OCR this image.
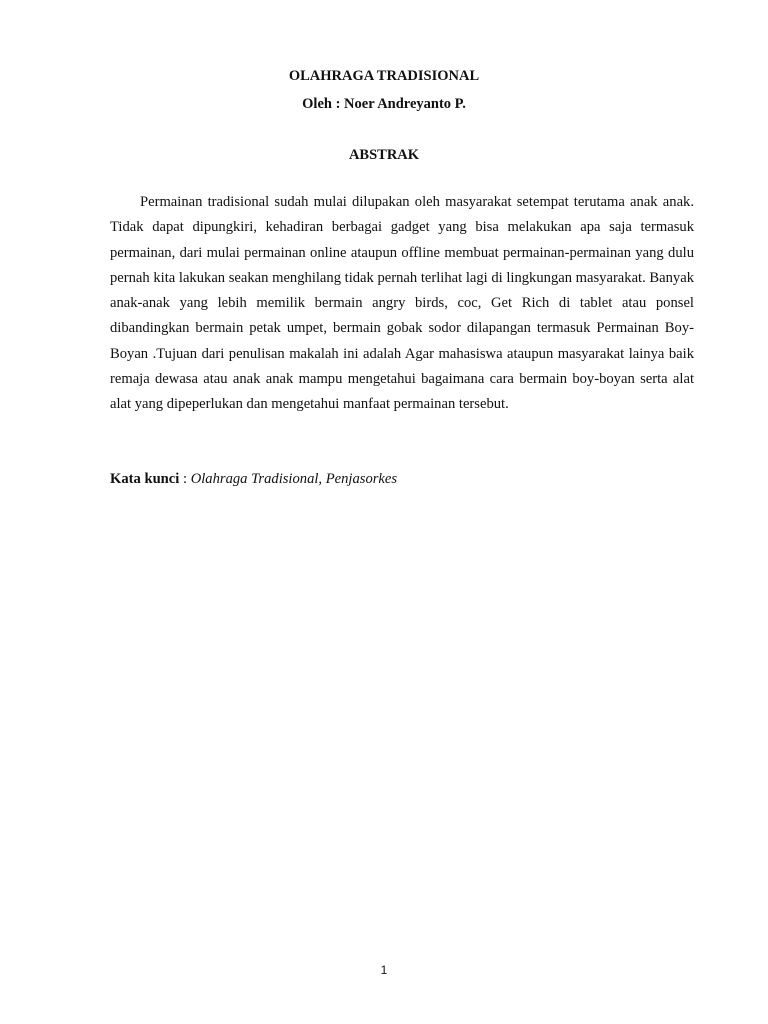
OLAHRAGA TRADISIONAL

Oleh : Noer Andreyanto P.

ABSTRAK

Permainan tradisional sudah mulai dilupakan oleh masyarakat setempat terutama anak anak. Tidak dapat dipungkiri, kehadiran berbagai gadget yang bisa melakukan apa saja termasuk permainan, dari mulai permainan online ataupun offline membuat permainan-permainan yang dulu pernah kita lakukan seakan menghilang tidak pernah terlihat lagi di lingkungan masyarakat. Banyak anak-anak yang lebih memilik bermain angry birds, coc, Get Rich di tablet atau ponsel dibandingkan bermain petak umpet, bermain gobak sodor dilapangan termasuk Permainan Boy- Boyan .Tujuan dari penulisan makalah ini adalah Agar mahasiswa ataupun masyarakat lainya baik remaja dewasa atau anak anak mampu mengetahui bagaimana cara bermain boy-boyan serta alat alat yang dipeperlukan dan mengetahui manfaat permainan tersebut.

Kata kunci : Olahraga Tradisional, Penjasorkes

1
